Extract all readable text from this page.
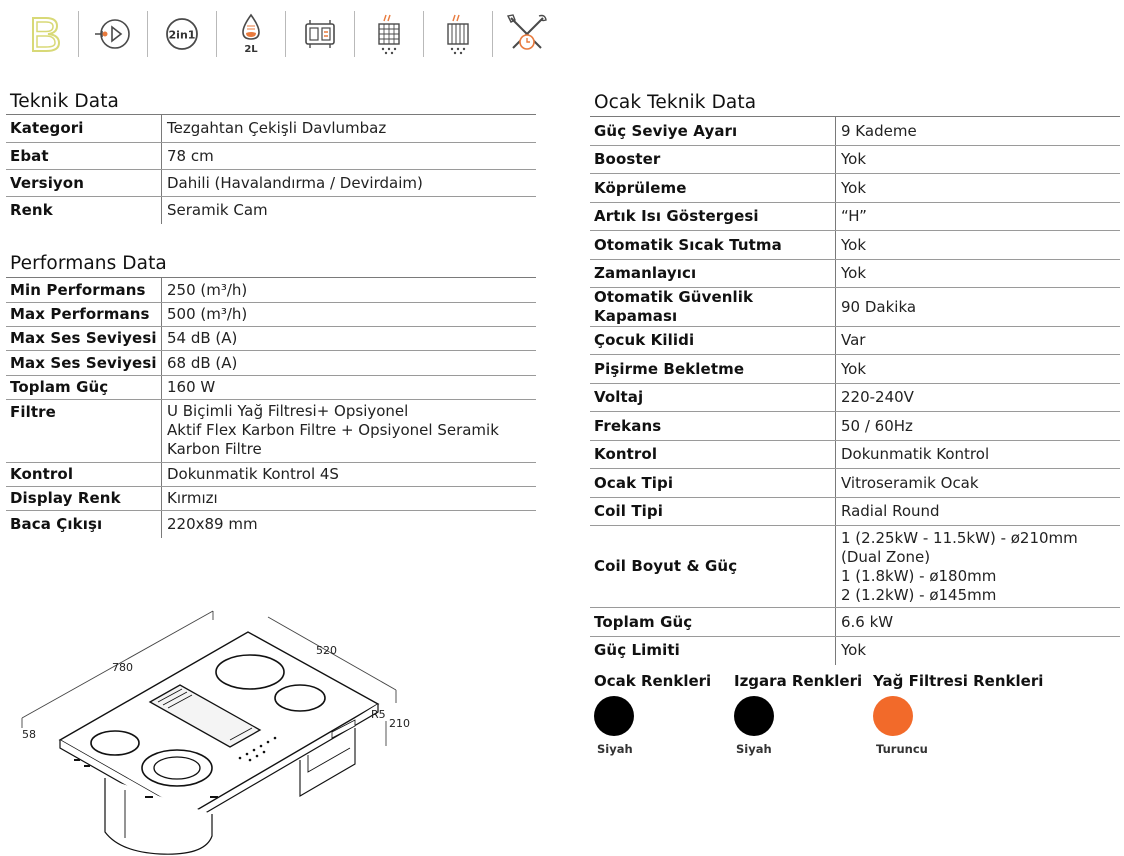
2in1
2L
Teknik Data
Kategori	Tezgahtan Çekişli Davlumbaz
Ebat	78 cm
Versiyon	Dahili (Havalandırma / Devirdaim)
Renk	Seramik Cam
Performans Data
Min Performans	250 (m³/h)
Max Performans	500 (m³/h)
Max Ses Seviyesi	54 dB (A)
Max Ses Seviyesi	68 dB (A)
Toplam Güç	160 W
Filtre	U Biçimli Yağ Filtresi+ Opsiyonel
Aktif Flex Karbon Filtre + Opsiyonel Seramik
Karbon Filtre

Kontrol	Dokunmatik Kontrol 4S
Display Renk	Kırmızı
Baca Çıkışı	220x89 mm
Ocak Teknik Data
Güç Seviye Ayarı	9 Kademe
Booster	Yok
Köprüleme	Yok
Artık Isı Göstergesi	“H”
Otomatik Sıcak Tutma	Yok
Zamanlayıcı	Yok
Otomatik Güvenlik Kapaması	90 Dakika
Çocuk Kilidi	Var
Pişirme Bekletme	Yok
Voltaj	220-240V
Frekans	50 / 60Hz
Kontrol	Dokunmatik Kontrol
Ocak Tipi	Vitroseramik Ocak
Coil Tipi	Radial Round
Coil Boyut & Güç	1 (2.25kW - 11.5kW) - ø210mm
(Dual Zone)
1 (1.8kW) - ø180mm
2 (1.2kW) - ø145mm

Toplam Güç	6.6 kW
Güç Limiti	Yok
Ocak Renkleri
Siyah
Izgara Renkleri
Siyah
Yağ Filtresi Renkleri
Turuncu
780
520
R5
210
58
